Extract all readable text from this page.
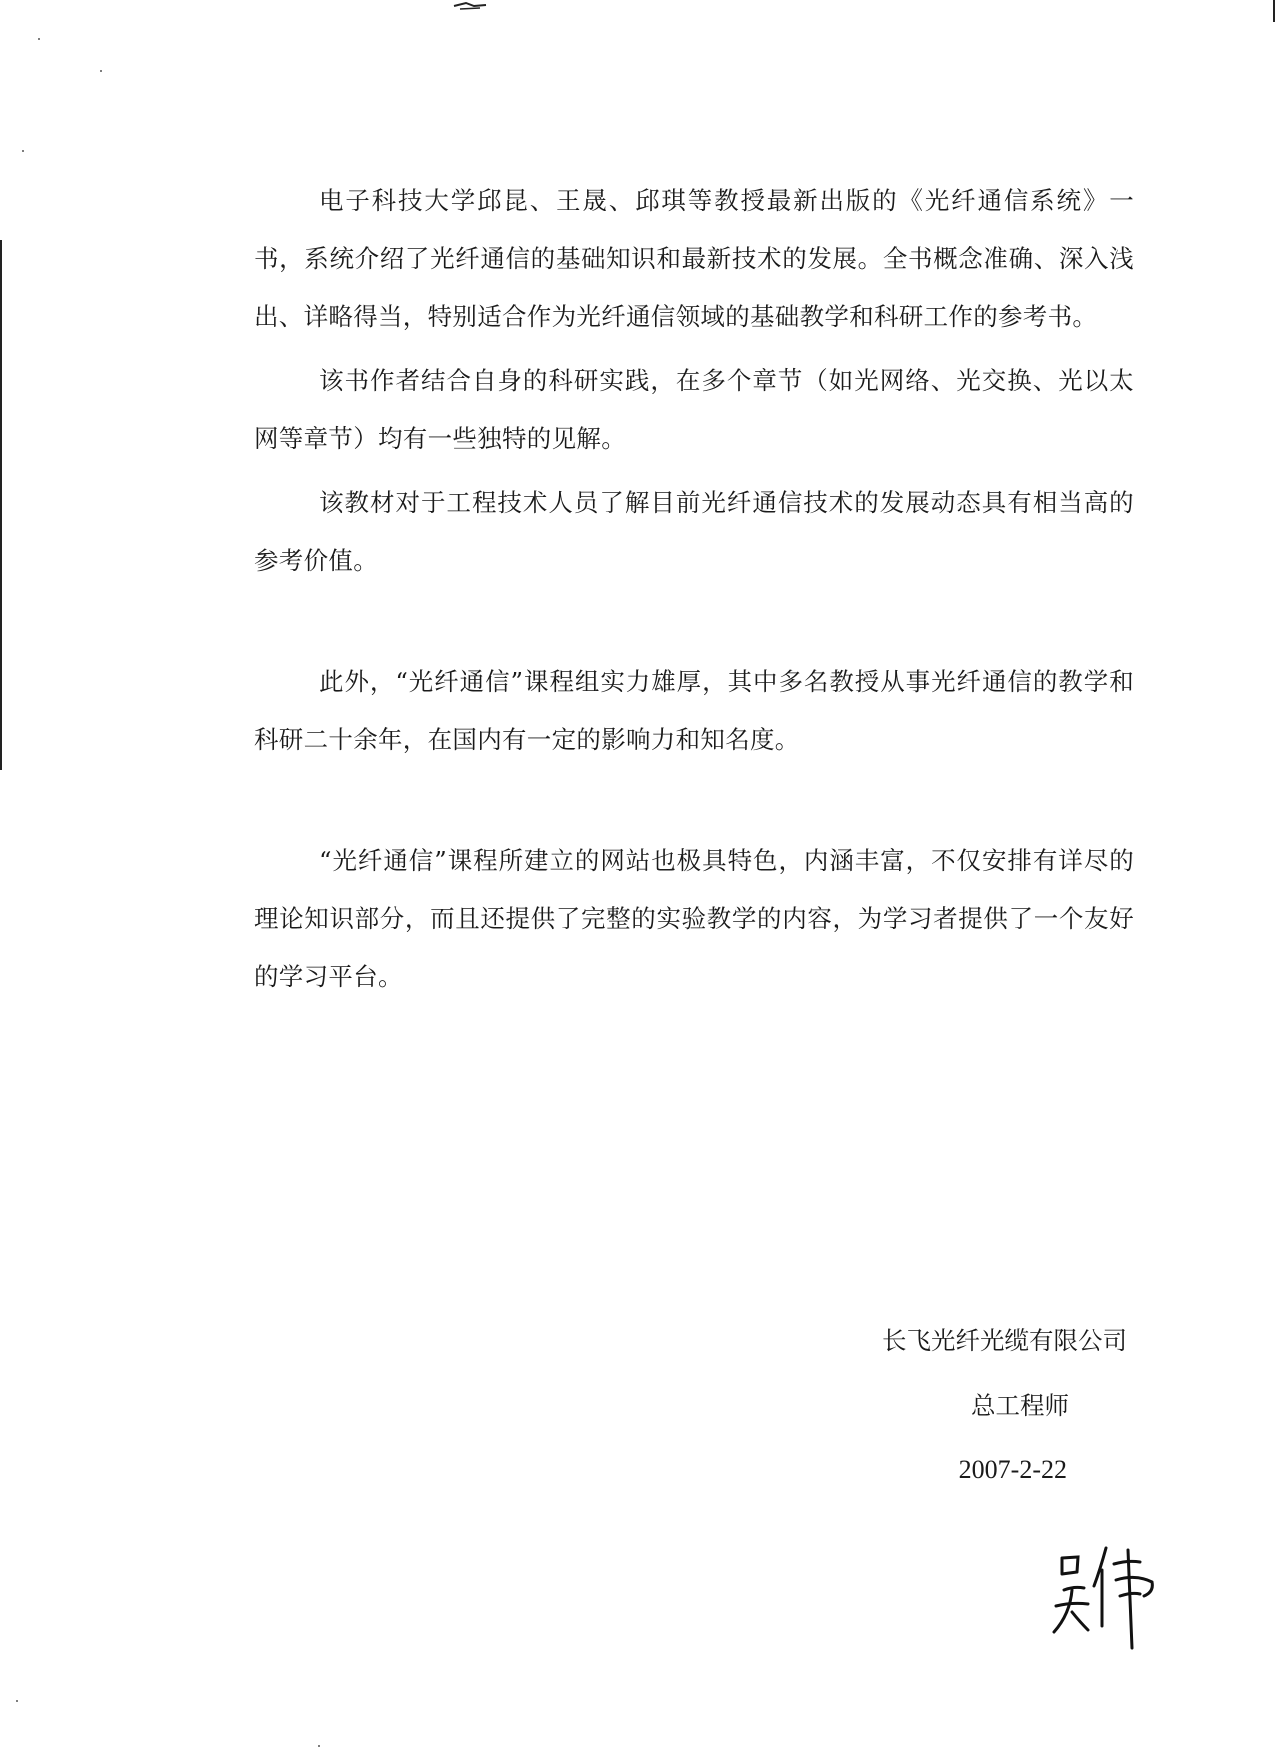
电子科技大学邱昆、王晟、邱琪等教授最新出版的《光纤通信系统》一书，系统介绍了光纤通信的基础知识和最新技术的发展。全书概念准确、深入浅出、详略得当，特别适合作为光纤通信领域的基础教学和科研工作的参考书。

该书作者结合自身的科研实践，在多个章节（如光网络、光交换、光以太网等章节）均有一些独特的见解。

该教材对于工程技术人员了解目前光纤通信技术的发展动态具有相当高的参考价值。

此外，“光纤通信”课程组实力雄厚，其中多名教授从事光纤通信的教学和科研二十余年，在国内有一定的影响力和知名度。

“光纤通信”课程所建立的网站也极具特色，内涵丰富，不仅安排有详尽的理论知识部分，而且还提供了完整的实验教学的内容，为学习者提供了一个友好的学习平台。

长飞光纤光缆有限公司
总工程师
2007-2-22
